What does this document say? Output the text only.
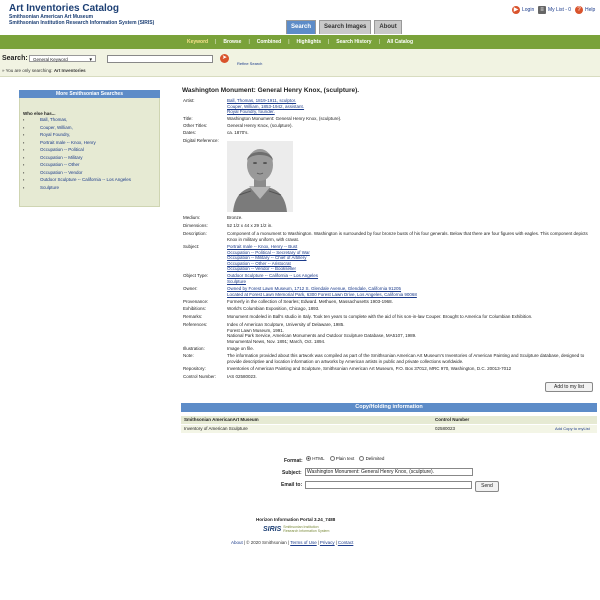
Art Inventories Catalog
Smithsonian American Art Museum
Smithsonian Institution Research Information System (SIRIS)
▶ Login	≡ My List - 0	? Help
Search	Search Images	About
Keyword | Browse | Combined | Highlights | Search History | All Catalog
Search:	General Keyword	▼	➤
Refine Search
» You are only searching: Art Inventories
More Smithsonian Searches
Who else has...
▪ Ball, Thomas,
▪ Couper, William,
▪ Royal Foundry,
▪ Portrait male -- Knox, Henry
▪ Occupation -- Political
▪ Occupation -- Military
▪ Occupation -- Other
▪ Occupation -- Vendor
▪ Outdoor Sculpture -- California -- Los Angeles
▪ Sculpture
Washington Monument: General Henry Knox, (sculpture).
Artist:	Ball, Thomas, 1819-1911, sculptor.
Couper, William, 1853-1942, assistant.
Royal Foundry, founder.
Title:	Washington Monument: General Henry Knox, (sculpture).
Other Titles:	General Henry Knox, (sculpture).
Dates:	ca. 1870's.
Digital Reference:
Medium:	Bronze.
Dimensions:	52 1/2 x 44 x 29 1/2 in.
Description:	Component of a monument to Washington. Washington is surrounded by four bronze busts of his four generals. Below that there are four figures with eagles. This component depicts Knox in military uniform, with cravat.
Subject:	Portrait male -- Knox, Henry -- Bust
Occupation -- Political -- Secretary of War
Occupation -- Military -- Chief of Artillery
Occupation -- Other -- Aristocrat
Occupation -- Vendor -- Bookseller
Object Type:	Outdoor Sculpture -- California -- Los Angeles
Sculpture
Owner:	Owned by Forest Lawn Museum, 1712 S. Glendale Avenue, Glendale, California 91205
Located at Forest Lawn Memorial Park, 6300 Forest Lawn Drive, Los Angeles, California 90068
Provenance:	Formerly in the collection of Searles; Edward. Methuen, Massachusetts 1903-1968.
Exhibitions:	World's Columbian Exposition, Chicago, 1893.
Remarks:	Monument modeled in Ball's studio in Italy. Took ten years to complete with the aid of his son-in-law Couper. Brought to America for Columbian Exhibition.
References:	Index of American Sculpture, University of Delaware, 1985.
Forest Lawn Museum, 1991.
National Park Service, American Monuments and Outdoor Sculpture Database, MA5107, 1989.
Monumental News, Nov. 1891; March, Oct. 1894.
Illustration:	Image on file.
Note:	The information provided about this artwork was compiled as part of the Smithsonian American Art Museum's Inventories of American Painting and Sculpture database, designed to provide descriptive and location information on artworks by American artists in public and private collections worldwide.
Repository:	Inventories of American Painting and Sculpture, Smithsonian American Art Museum, P.O. Box 37012, MRC 970, Washington, D.C. 20013-7012
Control Number: IAS 02580023.
Add to my list
Copy/Holding information
Smithsonian AmericanArt Museum	Control Number
Inventory of American Sculpture	02580023	Add Copy to myList
Format:	HTML	Plain text	Delimited
Subject:	Washington Monument: General Henry Knox, (sculpture).
Email to:	Send
Horizon Information Portal 3.24_7488
SIRIS Smithsonian Institution
Research Information System
About | © 2020 Smithsonian | Terms of Use | Privacy | Contact
